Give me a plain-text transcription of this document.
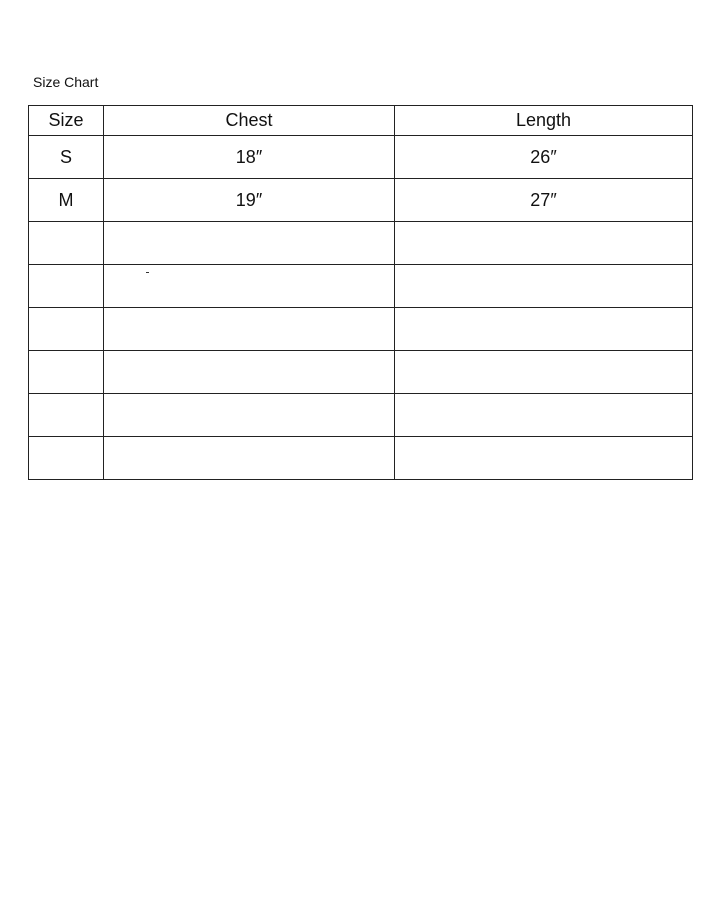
Size Chart
Size	Chest	Length
S	18″	26″
M	19″	27″
